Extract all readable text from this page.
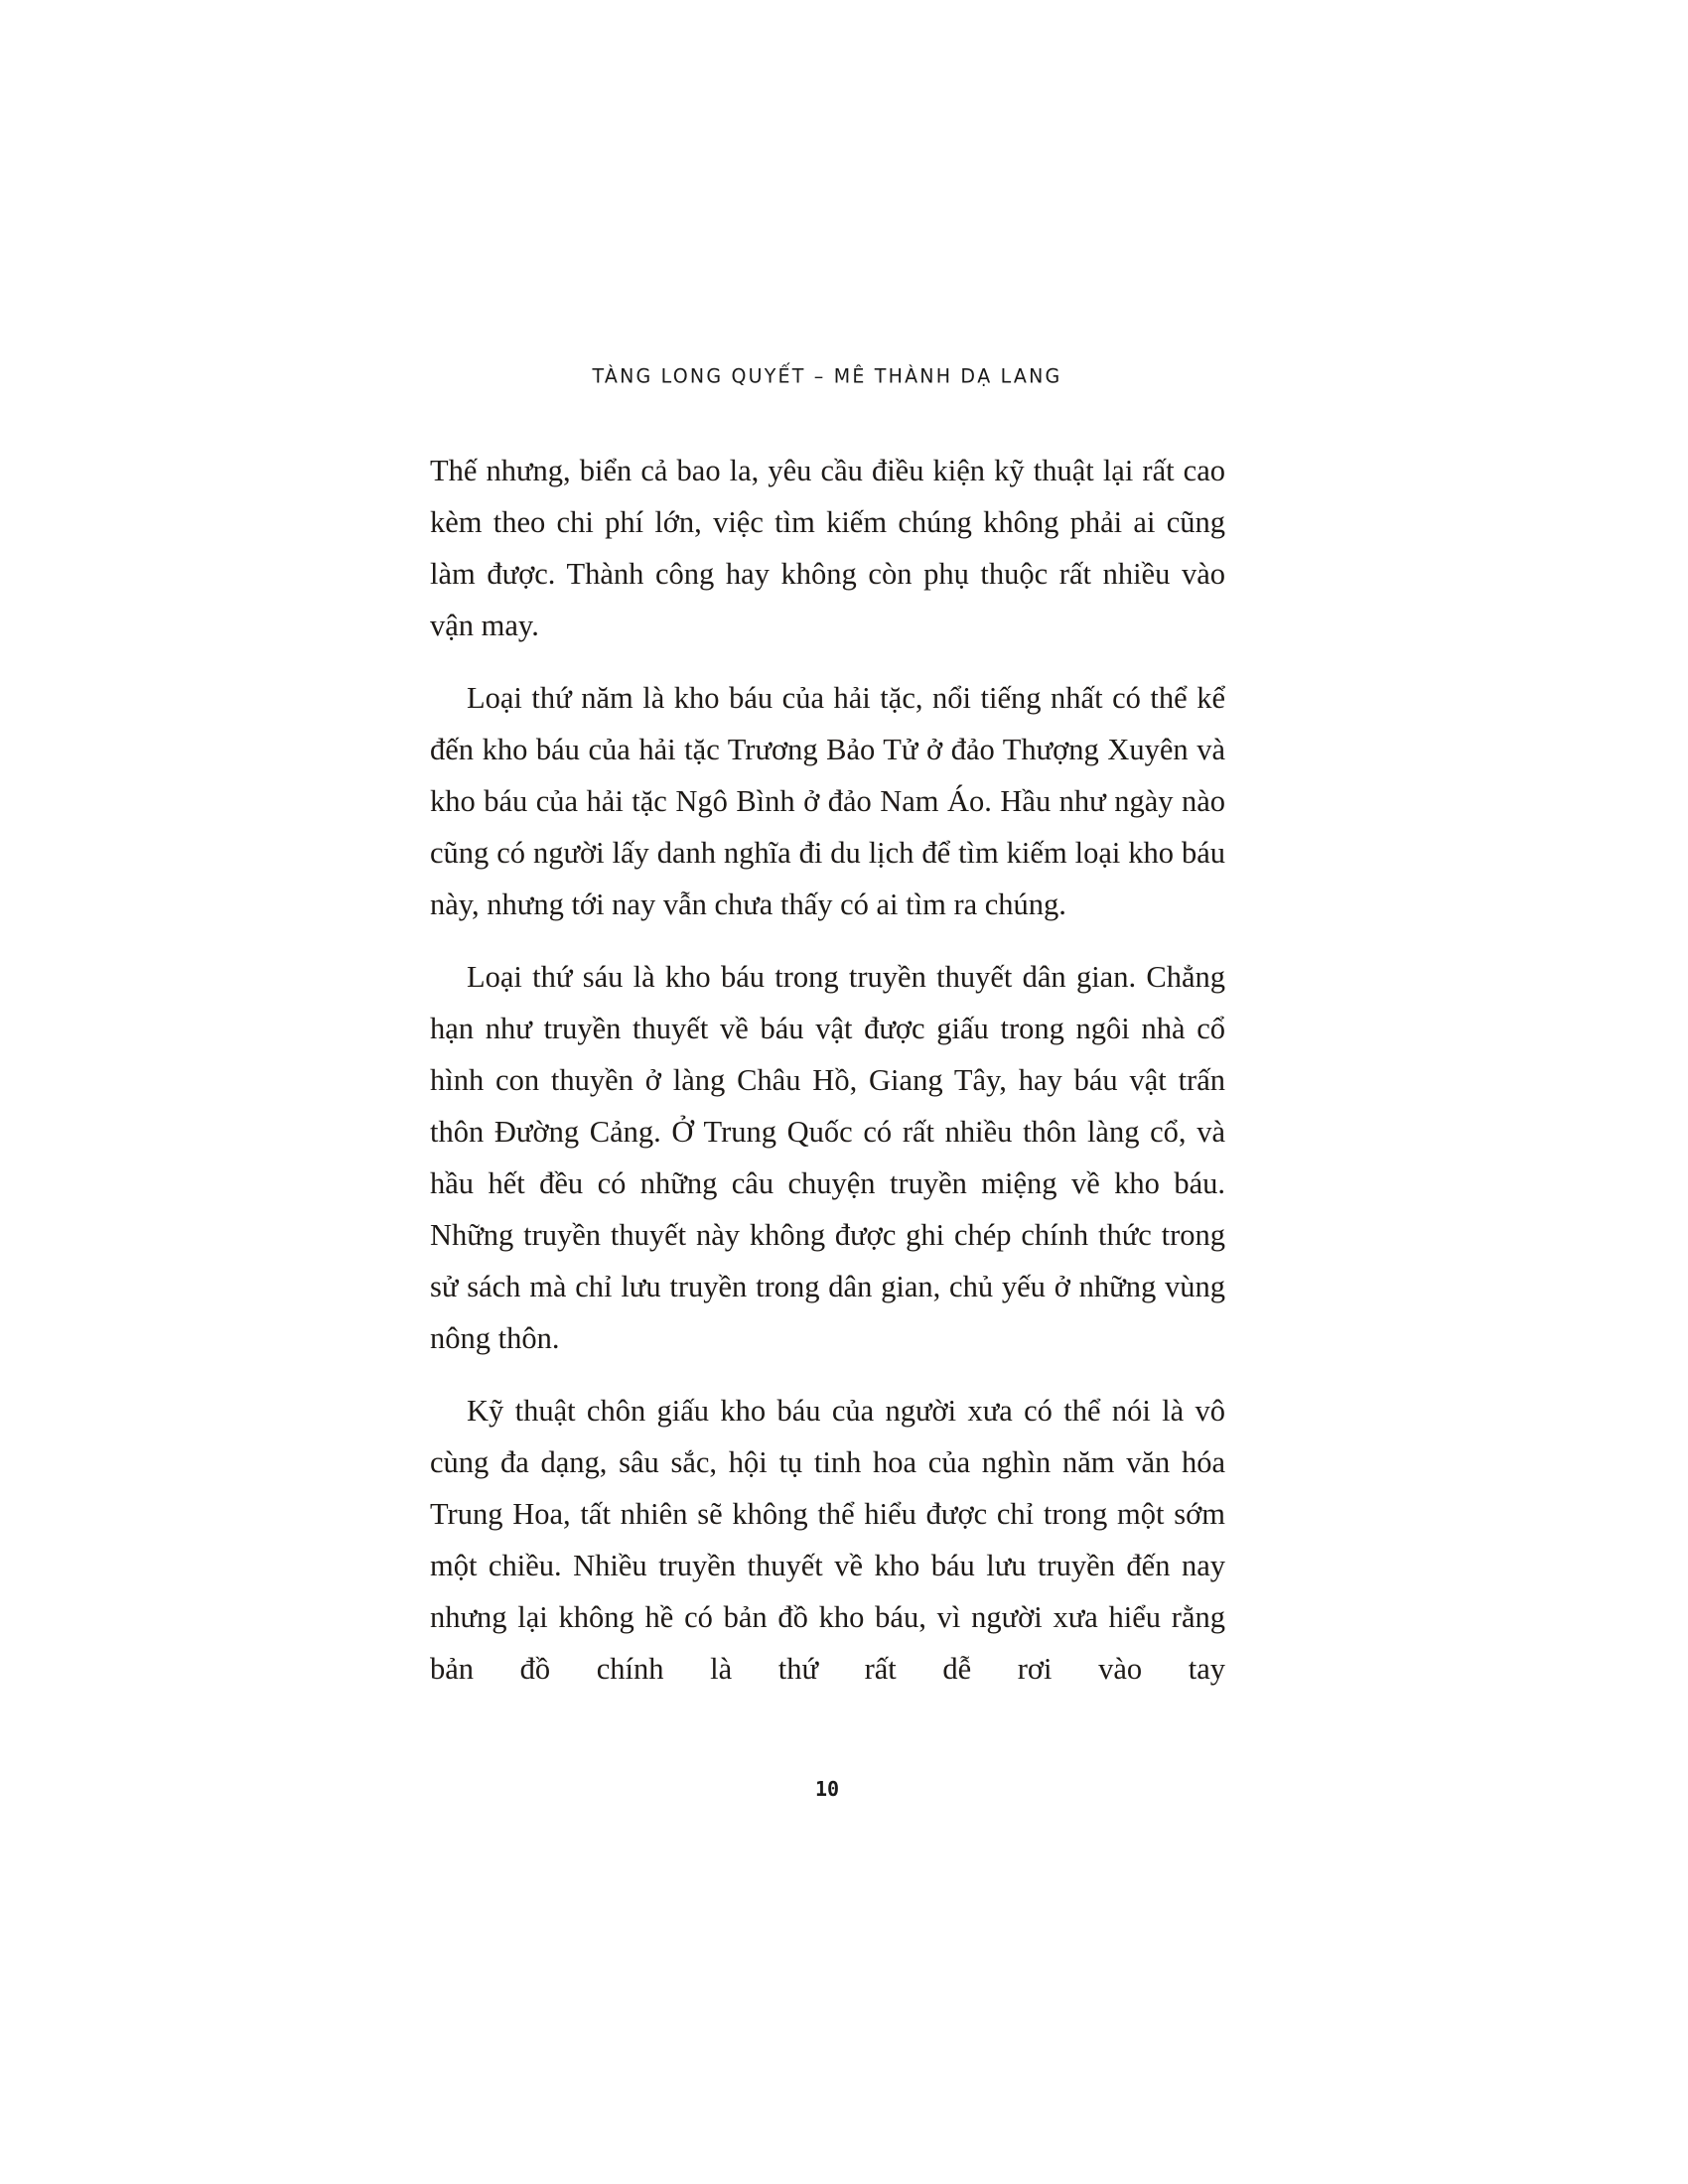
TÀNG LONG QUYẾT – MÊ THÀNH DẠ LANG

Thế nhưng, biển cả bao la, yêu cầu điều kiện kỹ thuật lại rất cao kèm theo chi phí lớn, việc tìm kiếm chúng không phải ai cũng làm được. Thành công hay không còn phụ thuộc rất nhiều vào vận may.

Loại thứ năm là kho báu của hải tặc, nổi tiếng nhất có thể kể đến kho báu của hải tặc Trương Bảo Tử ở đảo Thượng Xuyên và kho báu của hải tặc Ngô Bình ở đảo Nam Áo. Hầu như ngày nào cũng có người lấy danh nghĩa đi du lịch để tìm kiếm loại kho báu này, nhưng tới nay vẫn chưa thấy có ai tìm ra chúng.

Loại thứ sáu là kho báu trong truyền thuyết dân gian. Chẳng hạn như truyền thuyết về báu vật được giấu trong ngôi nhà cổ hình con thuyền ở làng Châu Hồ, Giang Tây, hay báu vật trấn thôn Đường Cảng. Ở Trung Quốc có rất nhiều thôn làng cổ, và hầu hết đều có những câu chuyện truyền miệng về kho báu. Những truyền thuyết này không được ghi chép chính thức trong sử sách mà chỉ lưu truyền trong dân gian, chủ yếu ở những vùng nông thôn.

Kỹ thuật chôn giấu kho báu của người xưa có thể nói là vô cùng đa dạng, sâu sắc, hội tụ tinh hoa của nghìn năm văn hóa Trung Hoa, tất nhiên sẽ không thể hiểu được chỉ trong một sớm một chiều. Nhiều truyền thuyết về kho báu lưu truyền đến nay nhưng lại không hề có bản đồ kho báu, vì người xưa hiểu rằng bản đồ chính là thứ rất dễ rơi vào tay

10
